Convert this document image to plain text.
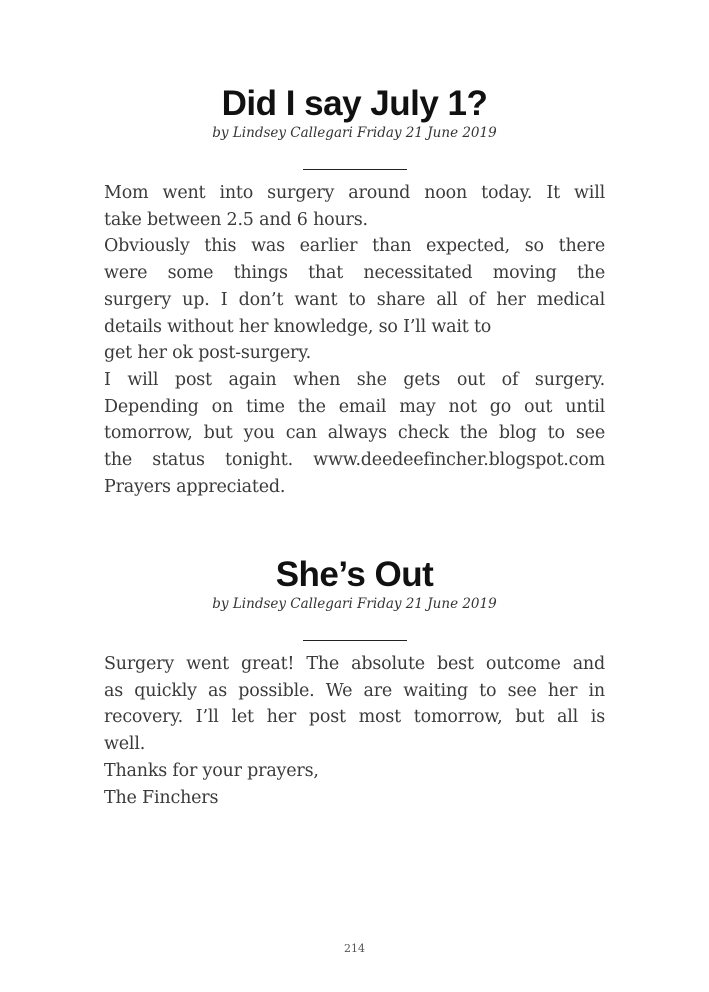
Did I say July 1?

by Lindsey Callegari Friday 21 June 2019

Mom went into surgery around noon today. It will
take between 2.5 and 6 hours.
Obviously this was earlier than expected, so there
were some things that necessitated moving the
surgery up. I don’t want to share all of her medical
details without her knowledge, so I’ll wait to
get her ok post-surgery.
I will post again when she gets out of surgery.
Depending on time the email may not go out until
tomorrow, but you can always check the blog to see
the status tonight. www.deedeefincher.blogspot.com
Prayers appreciated.
She’s Out

by Lindsey Callegari Friday 21 June 2019

Surgery went great! The absolute best outcome and
as quickly as possible. We are waiting to see her in
recovery. I’ll let her post most tomorrow, but all is
well.
Thanks for your prayers,
The Finchers
214
